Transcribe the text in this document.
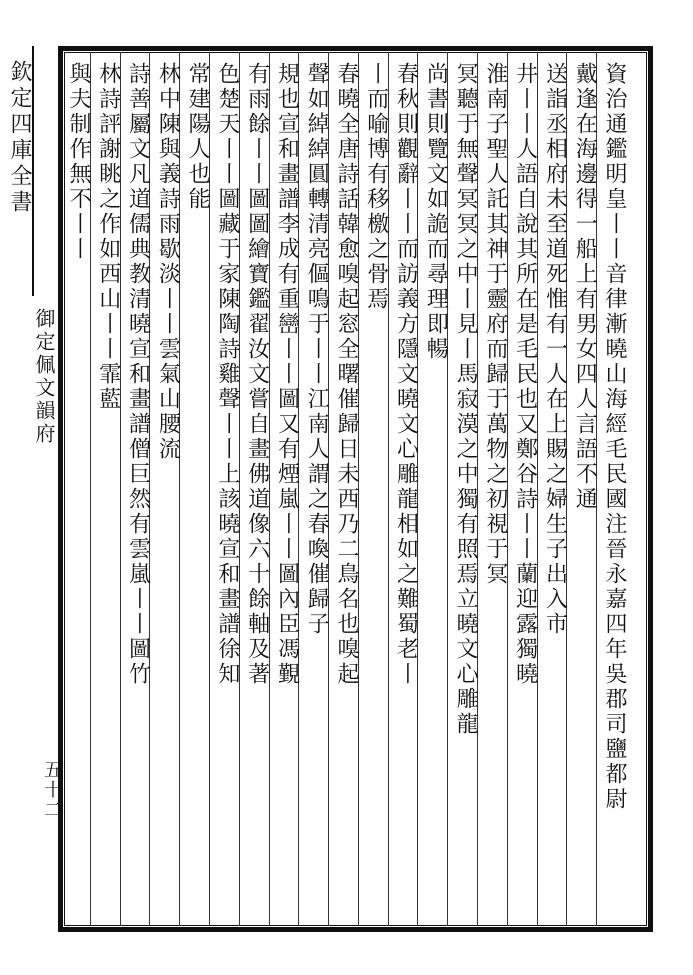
欽定四庫全書
御定佩文韻府
五十二	資治通鑑明皇丨丨音律漸曉山海經毛民國注晉永嘉四年吳郡司鹽都尉
戴逢在海邊得一船上有男女四人言語不通
送詣丞相府未至道死惟有一人在上賜之婦生子出入市
井丨丨人語自說其所在是毛民也又鄭谷詩丨丨蘭迎露獨曉
淮南子聖人託其神于靈府而歸于萬物之初視于冥
冥聽于無聲冥冥之中丨見丨馬寂漠之中獨有照焉立曉文心雕龍
尚書則覽文如詭而尋理即暢
春秋則觀辭丨丨而訪義方隱文曉文心雕龍相如之難蜀老丨
丨而喻博有移檄之骨焉
春曉全唐詩話韓愈嗅起窓全曙催歸日未西乃二鳥名也嗅起
聲如綽綽圓轉清亮傴鳴于丨丨江南人謂之春喚催歸子
規也宣和畫譜李成有重巒丨丨圖又有煙嵐丨丨圖內臣馮覲
有雨餘丨丨圖圖繪寶鑑翟汝文嘗自畫佛道像六十餘軸及著
色楚天丨丨圖藏于家陳陶詩雞聲丨丨上該曉宣和畫譜徐知
常建陽人也能
林中陳與義詩雨歇淡丨丨雲氣山腰流
詩善屬文凡道儒典教清曉宣和畫譜僧巨然有雲嵐丨丨圖竹
林詩評謝眺之作如西山丨丨霏藍
與夫制作無不丨丨
